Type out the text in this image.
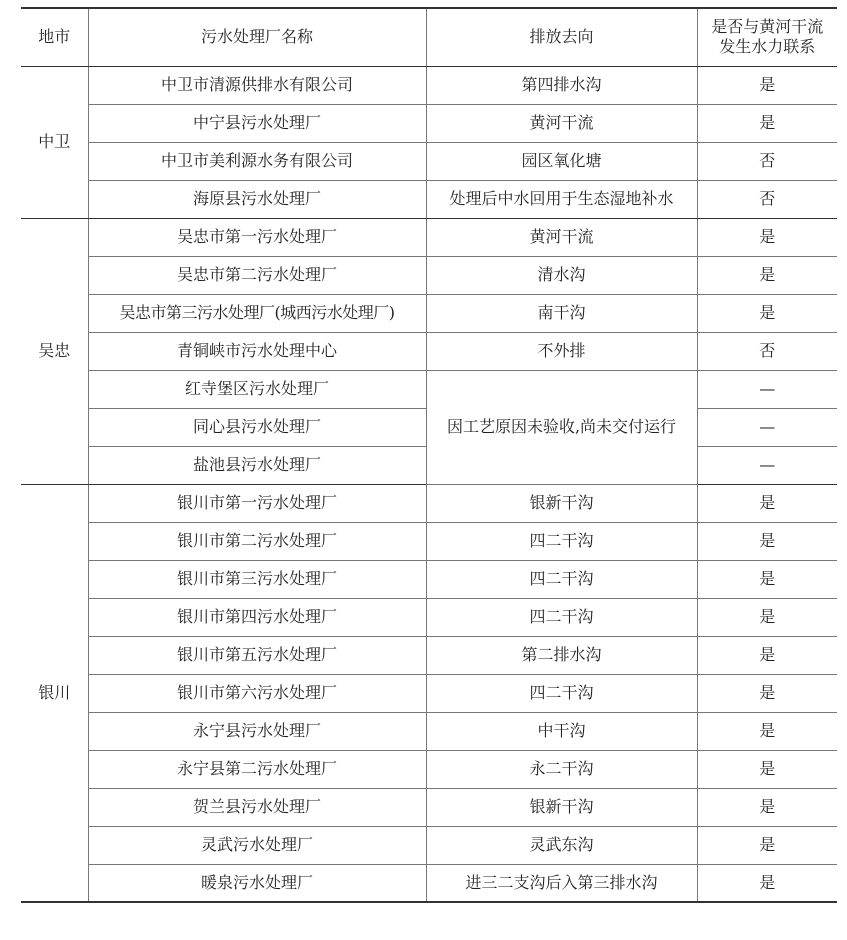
地市	污水处理厂名称	排放去向	是否与黄河干流发生水力联系
中卫	中卫市清源供排水有限公司	第四排水沟	是
	中宁县污水处理厂	黄河干流	是
	中卫市美利源水务有限公司	园区氧化塘	否
	海原县污水处理厂	处理后中水回用于生态湿地补水	否
吴忠	吴忠市第一污水处理厂	黄河干流	是
	吴忠市第二污水处理厂	清水沟	是
	吴忠市第三污水处理厂(城西污水处理厂)	南干沟	是
	青铜峡市污水处理中心	不外排	否
	红寺堡区污水处理厂	因工艺原因未验收,尚未交付运行	—
	同心县污水处理厂		—
	盐池县污水处理厂		—
银川	银川市第一污水处理厂	银新干沟	是
	银川市第二污水处理厂	四二干沟	是
	银川市第三污水处理厂	四二干沟	是
	银川市第四污水处理厂	四二干沟	是
	银川市第五污水处理厂	第二排水沟	是
	银川市第六污水处理厂	四二干沟	是
	永宁县污水处理厂	中干沟	是
	永宁县第二污水处理厂	永二干沟	是
	贺兰县污水处理厂	银新干沟	是
	灵武污水处理厂	灵武东沟	是
	暖泉污水处理厂	进三二支沟后入第三排水沟	是
